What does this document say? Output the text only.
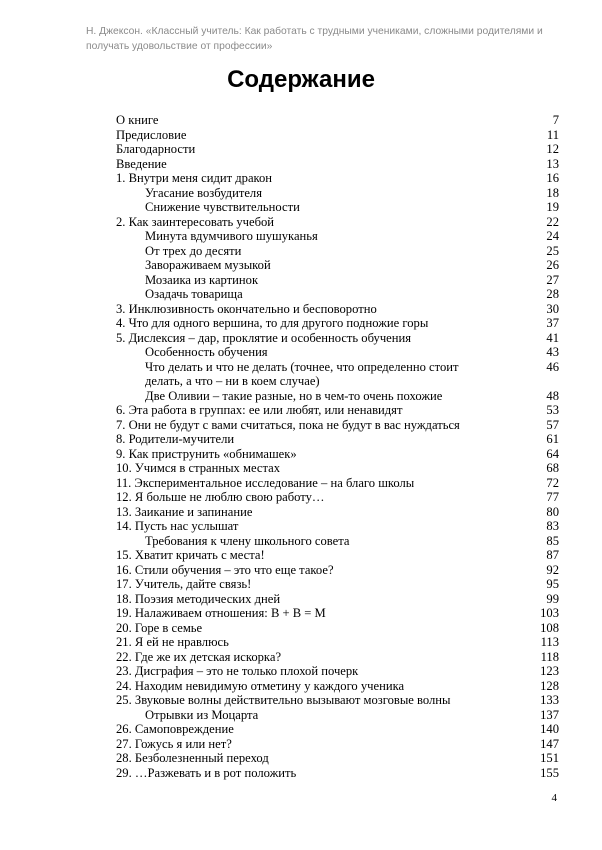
Н. Джексон. «Классный учитель: Как работать с трудными учениками, сложными родителями и получать удовольствие от профессии»
Содержание
О книге	7
Предисловие	11
Благодарности	12
Введение	13
1. Внутри меня сидит дракон	16
Угасание возбудителя	18
Снижение чувствительности	19
2. Как заинтересовать учебой	22
Минута вдумчивого шушуканья	24
От трех до десяти	25
Завораживаем музыкой	26
Мозаика из картинок	27
Озадачь товарища	28
3. Инклюзивность окончательно и бесповоротно	30
4. Что для одного вершина, то для другого подножие горы	37
5. Дислексия – дар, проклятие и особенность обучения	41
Особенность обучения	43
Что делать и что не делать (точнее, что определенно стоит	46
делать, а что – ни в коем случае)
Две Оливии – такие разные, но в чем-то очень похожие	48
6. Эта работа в группах: ее или любят, или ненавидят	53
7. Они не будут с вами считаться, пока не будут в вас нуждаться	57
8. Родители-мучители	61
9. Как приструнить «обнимашек»	64
10. Учимся в странных местах	68
11. Экспериментальное исследование – на благо школы	72
12. Я больше не люблю свою работу…	77
13. Заикание и запинание	80
14. Пусть нас услышат	83
Требования к члену школьного совета	85
15. Хватит кричать с места!	87
16. Стили обучения – это что еще такое?	92
17. Учитель, дайте связь!	95
18. Поэзия методических дней	99
19. Налаживаем отношения: B + B = M	103
20. Горе в семье	108
21. Я ей не нравлюсь	113
22. Где же их детская искорка?	118
23. Дисграфия – это не только плохой почерк	123
24. Находим невидимую отметину у каждого ученика	128
25. Звуковые волны действительно вызывают мозговые волны	133
Отрывки из Моцарта	137
26. Самоповреждение	140
27. Гожусь я или нет?	147
28. Безболезненный переход	151
29. …Разжевать и в рот положить	155
4
